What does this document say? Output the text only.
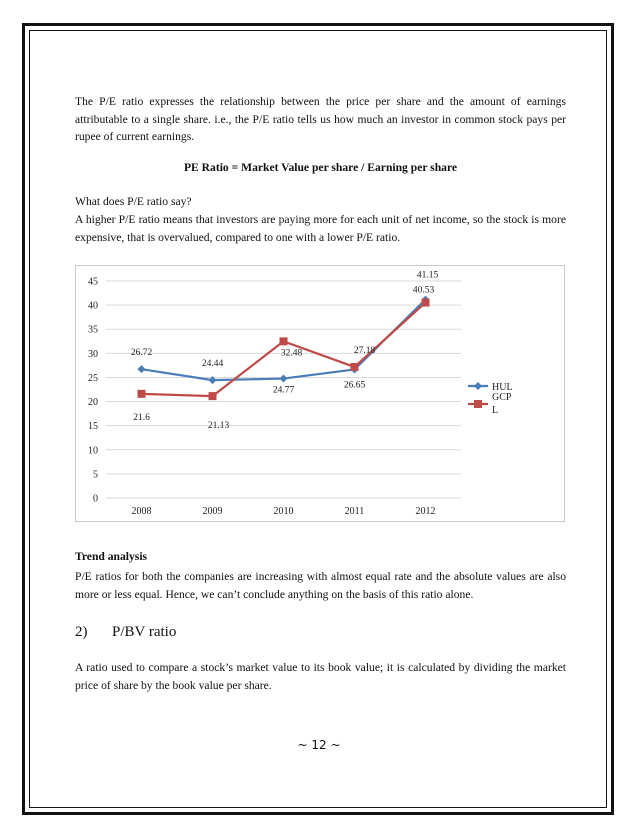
The P/E ratio expresses the relationship between the price per share and the amount of earnings attributable to a single share. i.e., the P/E ratio tells us how much an investor in common stock pays per rupee of current earnings.
PE Ratio = Market Value per share / Earning per share
What does P/E ratio say?
A higher P/E ratio means that investors are paying more for each unit of net income, so the stock is more expensive, that is overvalued, compared to one with a lower P/E ratio.
0
5
10
15
20
25
30
35
40
45
2008	2009	2010	2011	2012
26.72
24.44
24.77
26.65
41.15
21.6
21.13
32.48	27.18
40.53
HUL
GCP
L
Trend analysis
P/E ratios for both the companies are increasing with almost equal rate and the absolute values are also more or less equal. Hence, we can’t conclude anything on the basis of this ratio alone.
2)	P/BV ratio
A ratio used to compare a stock’s market value to its book value; it is calculated by dividing the market price of share by the book value per share.
~ 12 ~
